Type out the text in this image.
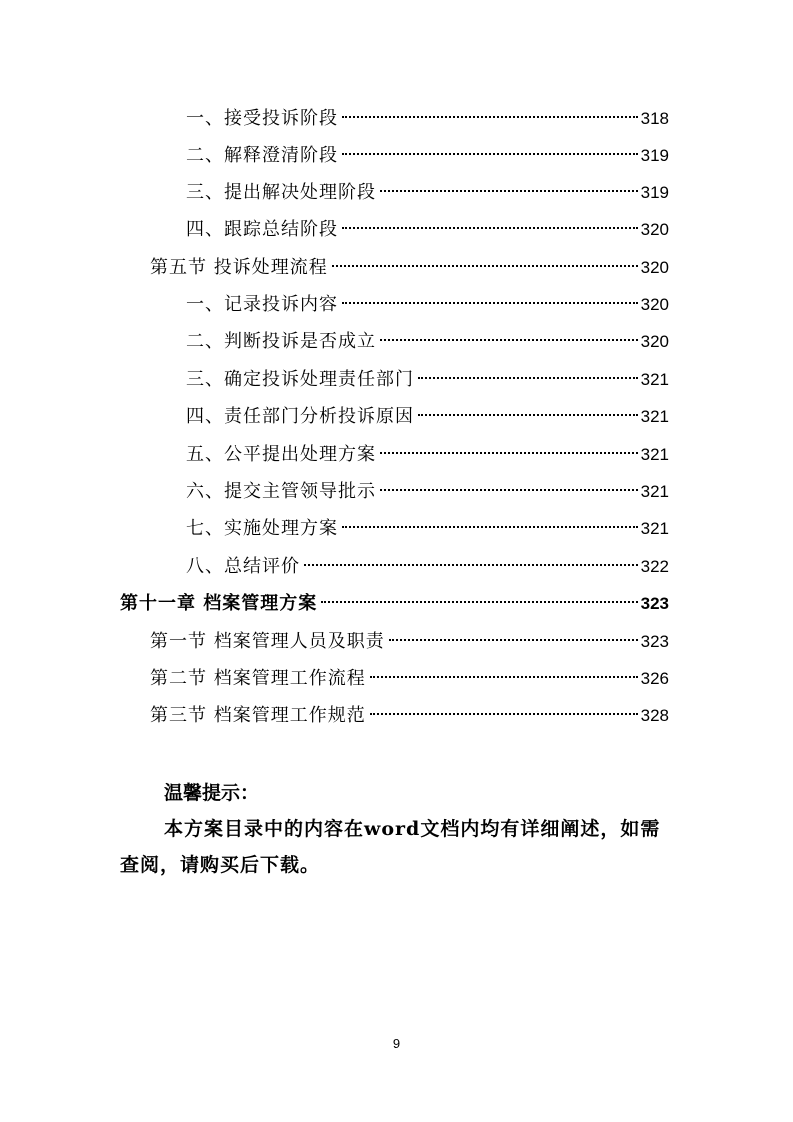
一、接受投诉阶段	318
二、解释澄清阶段	319
三、提出解决处理阶段	319
四、跟踪总结阶段	320
第五节 投诉处理流程	320
一、记录投诉内容	320
二、判断投诉是否成立	320
三、确定投诉处理责任部门	321
四、责任部门分析投诉原因	321
五、公平提出处理方案	321
六、提交主管领导批示	321
七、实施处理方案	321
八、总结评价	322
第十一章 档案管理方案	323
第一节 档案管理人员及职责	323
第二节 档案管理工作流程	326
第三节 档案管理工作规范	328
温馨提示：

本方案目录中的内容在word文档内均有详细阐述，如需查阅，请购买后下载。

9
